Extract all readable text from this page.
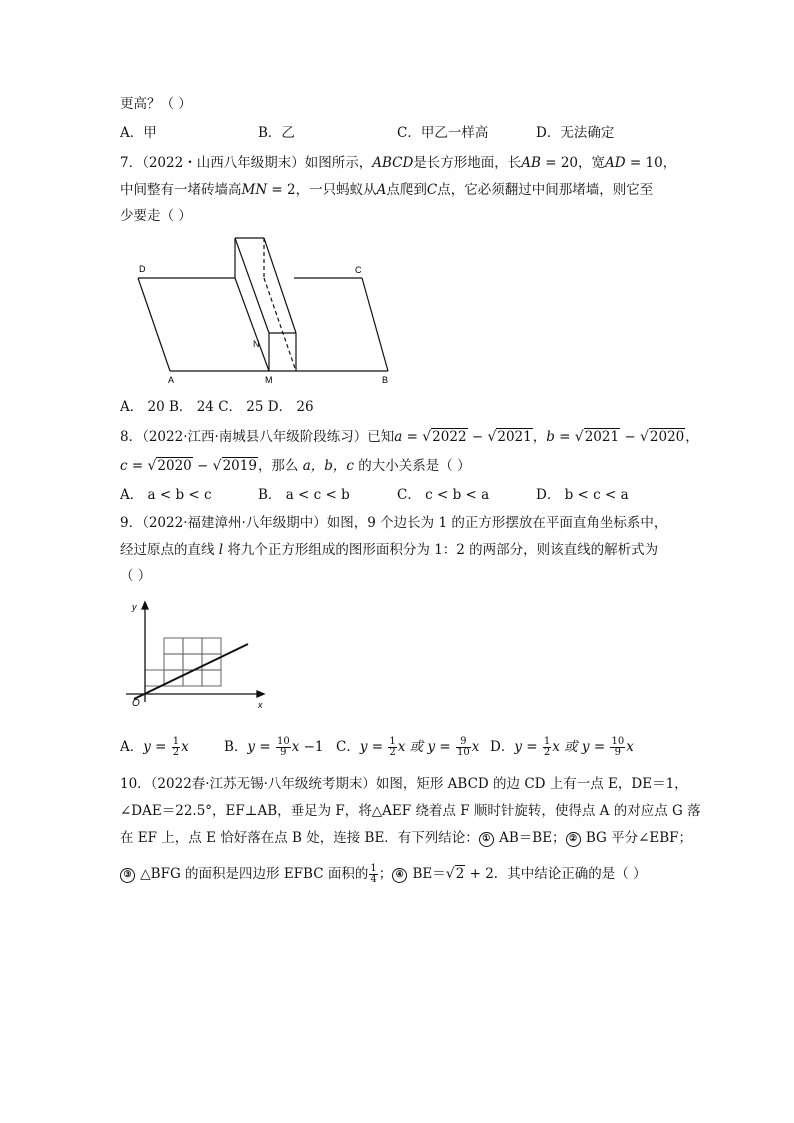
更高？（ ）
A．甲	B．乙	C．甲乙一样高	D．无法确定
7．（2022・山西八年级期末）如图所示，ABCD是长方形地面，长AB = 20，宽AD = 10，
中间整有一堵砖墙高MN = 2，一只蚂蚁从A点爬到C点，它必须翻过中间那堵墙，则它至
少要走（ ）
D	C
A	M	B
N
A． 20 B． 24 C． 25 D． 26
8．（2022·江西·南城县八年级阶段练习）已知a = √2022 − √2021，b = √2021 − √2020，
c = √2020 − √2019，那么 a，b，c 的大小关系是（ ）
A． a < b < c	B． a < c < b	C． c < b < a	D． b < c < a
9．（2022·福建漳州·八年级期中）如图，9 个边长为 1 的正方形摆放在平面直角坐标系中，
经过原点的直线 l 将九个正方形组成的图形面积分为 1：2 的两部分，则该直线的解析式为
（ ）
y
x
O
A．$y = \frac{1}{2}$ x	B．$y = \frac{10}{9}$ x −1 C．$y = \frac{1}{2}$ x 或 $y = \frac{9}{10}$ x D．$y = \frac{1}{2}$ x 或 $y = \frac{10}{9}$ x
10．（2022春·江苏无锡·八年级统考期末）如图，矩形 ABCD 的边 CD 上有一点 E，DE＝1，
∠DAE＝22.5°，EF⊥AB，垂足为 F，将△AEF 绕着点 F 顺时针旋转，使得点 A 的对应点 G 落
在 EF 上，点 E 恰好落在点 B 处，连接 BE．有下列结论： ① AB＝BE； ② BG 平分∠EBF；
③ △BFG 的面积是四边形 EFBC 面积的 $\frac{1}{4}$ ； ④ BE＝√2 + 2．其中结论正确的是（ ）
